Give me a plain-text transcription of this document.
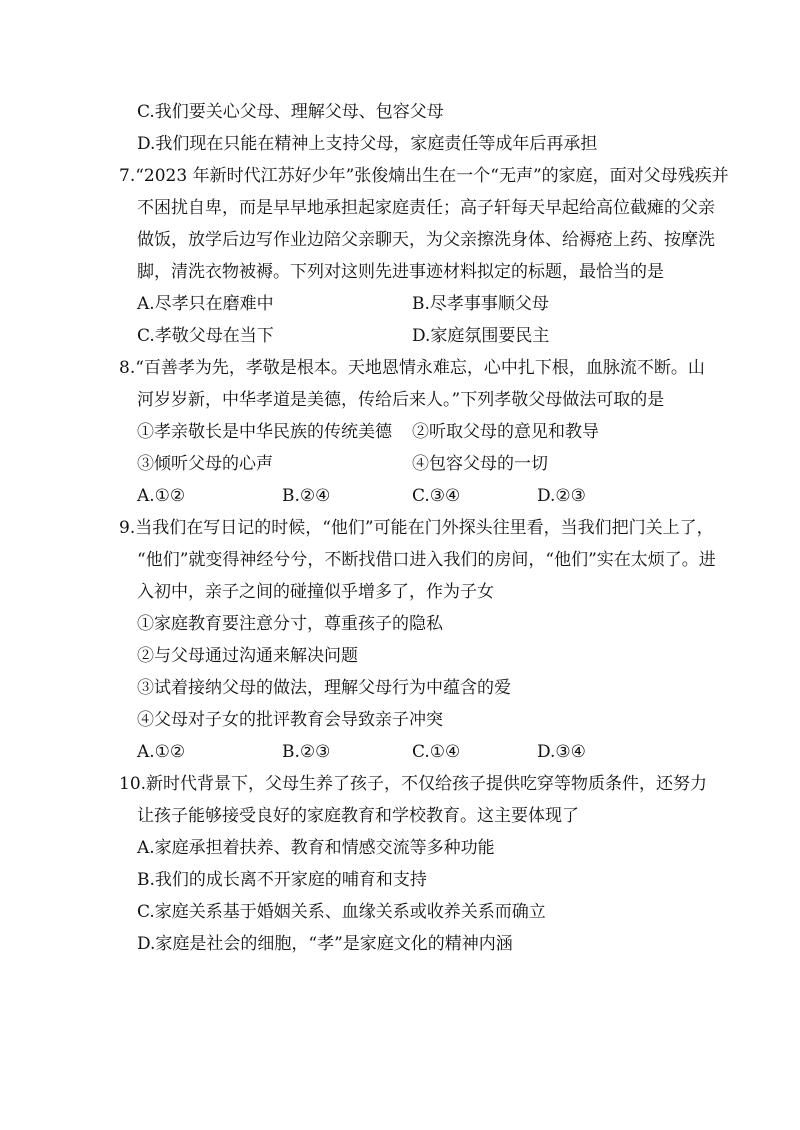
C.我们要关心父母、理解父母、包容父母
D.我们现在只能在精神上支持父母，家庭责任等成年后再承担
7.“2023 年新时代江苏好少年”张俊煵出生在一个“无声”的家庭，面对父母残疾并
不困扰自卑，而是早早地承担起家庭责任；高子轩每天早起给高位截瘫的父亲
做饭，放学后边写作业边陪父亲聊天，为父亲擦洗身体、给褥疮上药、按摩洗
脚，清洗衣物被褥。下列对这则先进事迹材料拟定的标题，最恰当的是
A.尽孝只在磨难中	B.尽孝事事顺父母
C.孝敬父母在当下	D.家庭氛围要民主
8.“百善孝为先，孝敬是根本。天地恩情永难忘，心中扎下根，血脉流不断。山
河岁岁新，中华孝道是美德，传给后来人。”下列孝敬父母做法可取的是
①孝亲敬长是中华民族的传统美德 ②听取父母的意见和教导
③倾听父母的心声	④包容父母的一切
A.①②	B.②④	C.③④	D.②③
9.当我们在写日记的时候，“他们”可能在门外探头往里看，当我们把门关上了，
“他们”就变得神经兮兮，不断找借口进入我们的房间，“他们”实在太烦了。进
入初中，亲子之间的碰撞似乎增多了，作为子女
①家庭教育要注意分寸，尊重孩子的隐私
②与父母通过沟通来解决问题
③试着接纳父母的做法，理解父母行为中蕴含的爱
④父母对子女的批评教育会导致亲子冲突
A.①②	B.②③	C.①④	D.③④
10.新时代背景下，父母生养了孩子，不仅给孩子提供吃穿等物质条件，还努力
让孩子能够接受良好的家庭教育和学校教育。这主要体现了
A.家庭承担着扶养、教育和情感交流等多种功能
B.我们的成长离不开家庭的哺育和支持
C.家庭关系基于婚姻关系、血缘关系或收养关系而确立
D.家庭是社会的细胞，“孝”是家庭文化的精神内涵
